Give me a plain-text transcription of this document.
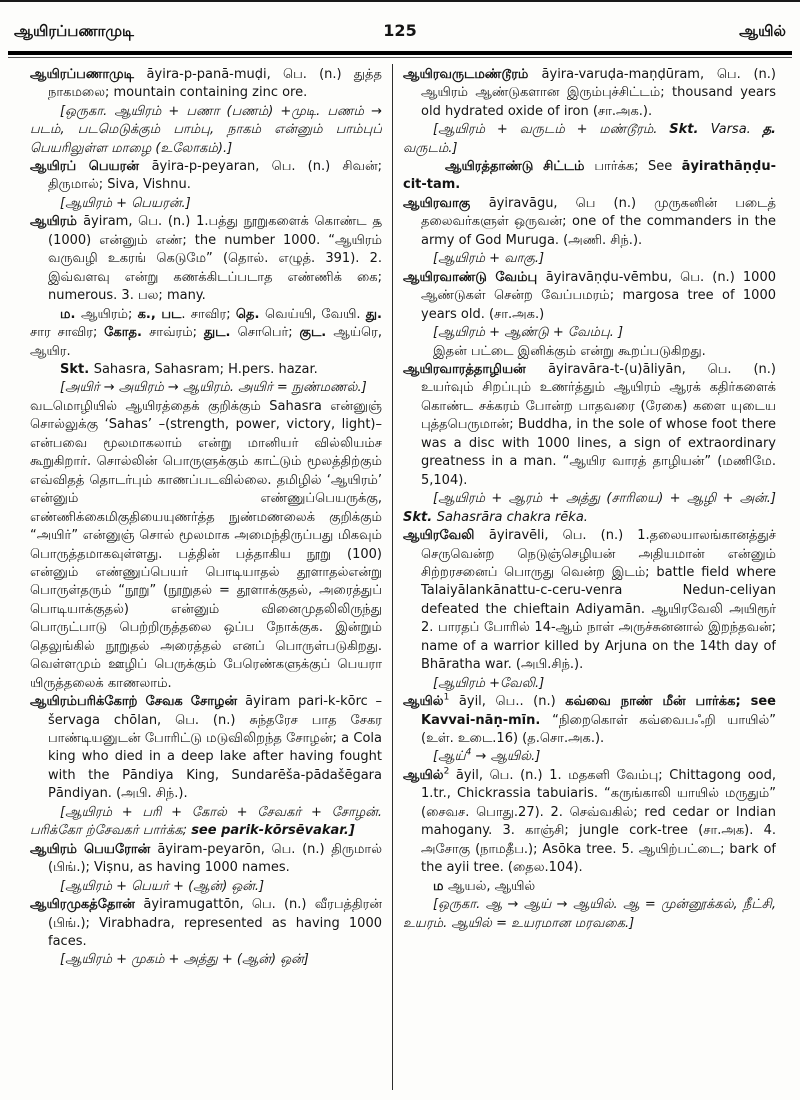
ஆயிரப்பணாமுடி	125	ஆயில்

ஆயிரப்பணாமுடி āyira-p-panā-muḍi, பெ. (n.) துத்த நாகமலை; mountain containing zinc ore.

[ஒருகா. ஆயிரம் + பணா (பணம்) +முடி. பணம் → படம், படமெடுக்கும் பாம்பு, நாகம் என்னும் பாம்புப் பெயரிலுள்ள மாழை (உலோகம்).]

ஆயிரப் பெயரன் āyira-p-peyaran, பெ. (n.) சிவன்; திருமால்; Siva, Vishnu.

[ஆயிரம் + பெயரன்.]

ஆயிரம் āyiram, பெ. (n.) 1.பத்து நூறுகளைக் கொண்ட ௲ (1000) என்னும் எண்; the number 1000. “ஆயிரம் வருவழி உகரங் கெடுமே” (தொல். எழுத். 391). 2. இவ்வளவு என்று கணக்கிடப்படாத எண்ணிக் கை; numerous. 3. பல; many.

ம. ஆயிரம்; க., பட. சாவிர; தெ. வெய்யி, வேயி. து. சார சாவிர; கோத. சாவ்ரம்; துட. சொபெர்; குட. ஆய்ரெ, ஆயிர.

Skt. Sahasra, Sahasram; H.pers. hazar.

[அயிர் → அயிரம் → ஆயிரம். அயிர் = நுண்மணல்.]

வடமொழியில் ஆயிரத்தைக் குறிக்கும் Sahasra என்னுஞ் சொல்லுக்கு ‘Sahas’ –(strength, power, victory, light)– என்பவை மூலமாகலாம் என்று மானியர் வில்லியம்ச கூறுகிறார். சொல்லின் பொருளுக்கும் காட்டும் மூலத்திற்கும் எவ்விதத் தொடர்பும் காணப்படவில்லை. தமிழில் ‘ஆயிரம்’ என்னும் எண்ணுப்பெயருக்கு, எண்ணிக்கைமிகுதியையுணர்த்த நுண்மணலைக் குறிக்கும் “அயிர்” என்னுஞ் சொல் மூலமாக அமைந்திருப்பது மிகவும் பொருத்தமாகவுள்ளது. பத்தின் பத்தாகிய நூறு (100) என்னும் எண்ணுப்பெயர் பொடியாதல் தூளாதல்என்று பொருள்தரும் “நூறு” (நூறுதல் = தூளாக்குதல், அரைத்துப் பொடியாக்குதல்) என்னும் வினைமுதலிலிருந்து பொருட்பாடு பெற்றிருத்தலை ஒப்ப நோக்குக. இன்றும் தெலுங்கில் நூறுதல் அரைத்தல் எனப் பொருள்படுகிறது. வெள்ளமும் ஊழிப் பெருக்கும் பேரெண்களுக்குப் பெயரா யிருத்தலைக் காணலாம்.

ஆயிரம்பரிக்கோற் சேவக சோழன் āyiram pari-k-kōrc – šervaga chōlan, பெ. (n.) சுந்தரேச பாத சேகர பாண்டியனுடன் போரிட்டு மடுவிலிறந்த சோழன்; a Cola king who died in a deep lake after having fought with the Pāndiya King, Sundarēša-pādašēgara Pāndiyan. (அபி. சிந்.).

[ஆயிரம் + பரி + கோல் + சேவகர் + சோழன். பரிக்கோ ற்சேவகர் பார்க்க; see parik-kōrsēvakar.]

ஆயிரம் பெயரோன் āyiram-peyarōn, பெ. (n.) திருமால் (பிங்.); Viṣnu, as having 1000 names.

[ஆயிரம் + பெயர் + (ஆன்) ஒன்.]

ஆயிரமுகத்தோன் āyiramugattōn, பெ. (n.) வீரபத்திரன் (பிங்.); Virabhadra, represented as having 1000 faces.

[ஆயிரம் + முகம் + அத்து + (ஆன்) ஒன்]

ஆயிரவருடமண்டூரம் āyira-varuḍa-maṇḍūram, பெ. (n.) ஆயிரம் ஆண்டுகளான இரும்புச்சிட்டம்; thousand years old hydrated oxide of iron (சா.அக.).

[ஆயிரம் + வருடம் + மண்டூரம். Skt. Varsa. த. வருடம்.]

ஆயிரத்தாண்டு சிட்டம் பார்க்க; See āyirathāṇḍu-cit-tam.

ஆயிரவாகு āyiravāgu, பெ (n.) முருகனின் படைத் தலைவர்களுள் ஒருவன்; one of the commanders in the army of God Muruga. (அணி. சிந்.).

[ஆயிரம் + வாகு.]

ஆயிரவாண்டு வேம்பு āyiravāṇḍu-vēmbu, பெ. (n.) 1000 ஆண்டுகள் சென்ற வேப்பமரம்; margosa tree of 1000 years old. (சா.அக.)

[ஆயிரம் + ஆண்டு + வேம்பு. ]

இதன் பட்டை இனிக்கும் என்று கூறப்படுகிறது.

ஆயிரவாரத்தாழியன் āyiravāra-t-(u)āliyān, பெ. (n.) உயர்வும் சிறப்பும் உணர்த்தும் ஆயிரம் ஆரக் கதிர்களைக் கொண்ட சக்கரம் போன்ற பாதவரை (ரேகை) களை யுடைய புத்தபெருமான்; Buddha, in the sole of whose foot there was a disc with 1000 lines, a sign of extraordinary greatness in a man. “ஆயிர வாரத் தாழியன்” (மணிமே. 5,104).

[ஆயிரம் + ஆரம் + அத்து (சாரியை) + ஆழி + அன்.] Skt. Sahasrāra chakra rēka.

ஆயிரவேலி āyiravēli, பெ. (n.) 1.தலையாலங்கானத்துச் செருவென்ற நெடுஞ்செழியன் அதியமான் என்னும் சிற்றரசனைப் பொருது வென்ற இடம்; battle field where Talaiyālankānattu-c-ceru-venra Nedun-celiyan defeated the chieftain Adiyamān. ஆயிரவேலி அயிரூர் 2. பாரதப் போரில் 14-ஆம் நாள் அருச்சுனனால் இறந்தவன்; name of a warrior killed by Arjuna on the 14th day of Bhāratha war. (அபி.சிந்.).

[ஆயிரம் +வேலி.]

ஆயில்$^1$ āyil, பெ.. (n.) கவ்வை நாண் மீன் பார்க்க; see Kavvai-nāṇ-mīn. “நிறைகொள் கவ்வைபஃறி யாயில்” (உள். உடை.16) (த.சொ.அக.).

[ஆய்$^4$ → ஆயில்.]

ஆயில்$^2$ āyil, பெ. (n.) 1. மதகளி வேம்பு; Chittagong ood, 1.tr., Chickrassia tabuiaris. “கருங்காலி யாயில் மருதும்” (சைவச. பொது.27). 2. செவ்வகில்; red cedar or Indian mahogany. 3. காஞ்சி; jungle cork-tree (சா.அக). 4. அசோகு (நாமதீப.); Asōka tree. 5. ஆயிற்பட்டை; bark of the ayii tree. (தைல.104).

ம ஆயல், ஆயில்

[ஒருகா. ஆ → ஆய் → ஆயில். ஆ = முன்னூக்கல், நீட்சி, உயரம். ஆயில் = உயரமான மரவகை.]
